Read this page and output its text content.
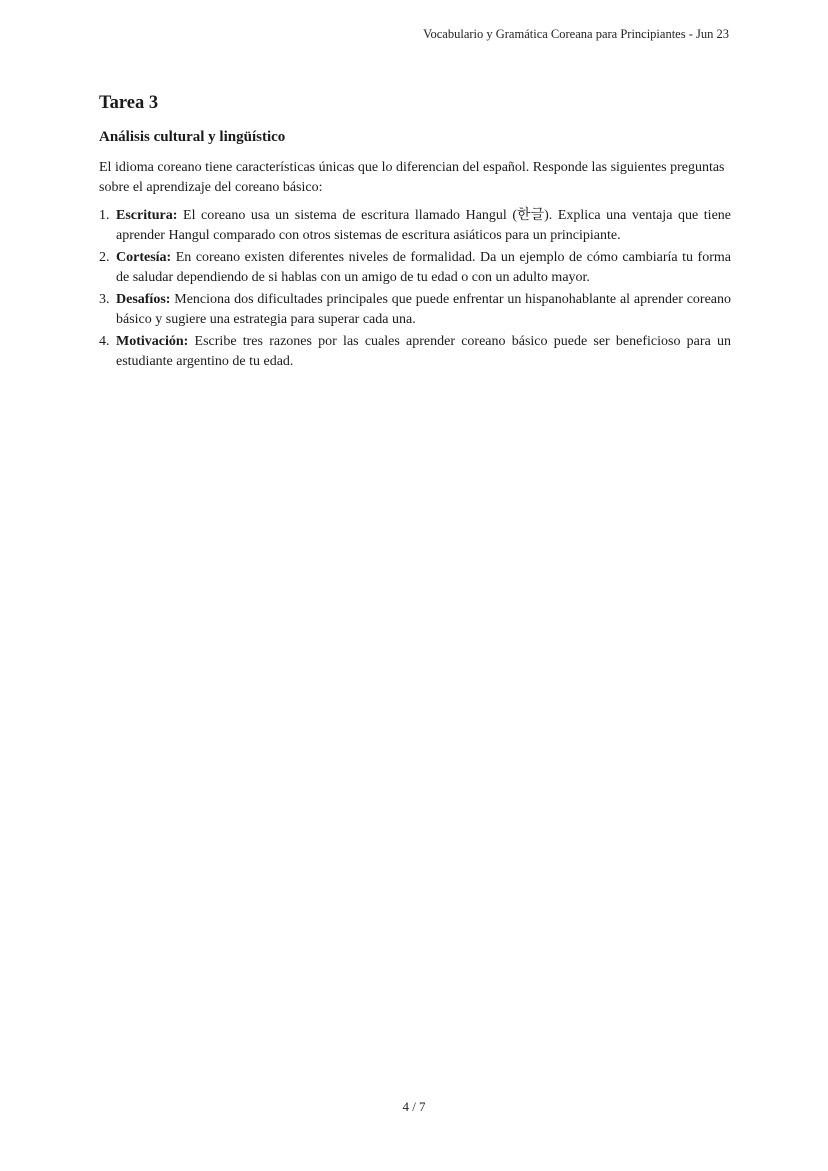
Vocabulario y Gramática Coreana para Principiantes - Jun 23
Tarea 3
Análisis cultural y lingüístico

El idioma coreano tiene características únicas que lo diferencian del español. Responde las siguientes preguntas sobre el aprendizaje del coreano básico:

1. Escritura: El coreano usa un sistema de escritura llamado Hangul (한글). Explica una ventaja que tiene aprender Hangul comparado con otros sistemas de escritura asiáticos para un principiante.
2. Cortesía: En coreano existen diferentes niveles de formalidad. Da un ejemplo de cómo cambiaría tu forma de saludar dependiendo de si hablas con un amigo de tu edad o con un adulto mayor.
3. Desafíos: Menciona dos dificultades principales que puede enfrentar un hispanohablante al aprender coreano básico y sugiere una estrategia para superar cada una.
4. Motivación: Escribe tres razones por las cuales aprender coreano básico puede ser beneficioso para un estudiante argentino de tu edad.
4 / 7
